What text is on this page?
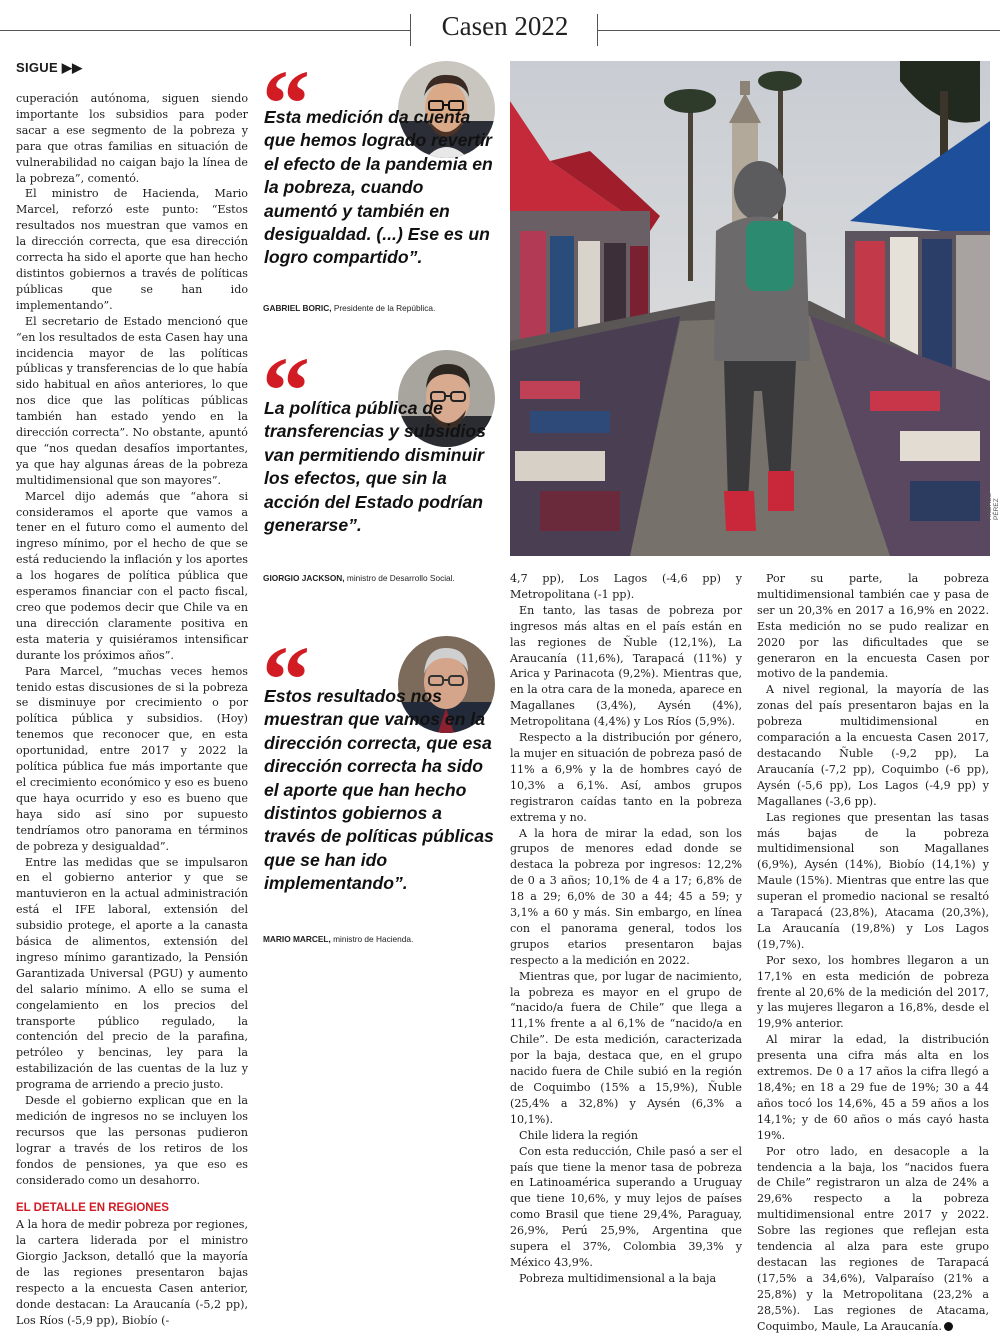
Casen 2022
SIGUE ▶▶

cuperación autónoma, siguen siendo importante los subsidios para poder sacar a ese segmento de la pobreza y para que otras familias en situación de vulnerabilidad no caigan bajo la línea de la pobreza”, comentó.

El ministro de Hacienda, Mario Marcel, reforzó este punto: “Estos resultados nos muestran que vamos en la dirección correcta, que esa dirección correcta ha sido el aporte que han hecho distintos gobiernos a través de políticas públicas que se han ido implementando”.

El secretario de Estado mencionó que “en los resultados de esta Casen hay una incidencia mayor de las políticas públicas y transferencias de lo que había sido habitual en años anteriores, lo que nos dice que las políticas públicas también han estado yendo en la dirección correcta”. No obstante, apuntó que “nos quedan desafíos importantes, ya que hay algunas áreas de la pobreza multidimensional que son mayores”.

Marcel dijo además que “ahora si consideramos el aporte que vamos a tener en el futuro como el aumento del ingreso mínimo, por el hecho de que se está reduciendo la inflación y los aportes a los hogares de política pública que esperamos financiar con el pacto fiscal, creo que podemos decir que Chile va en una dirección claramente positiva en esta materia y quisiéramos intensificar durante los próximos años”.

Para Marcel, “muchas veces hemos tenido estas discusiones de si la pobreza se disminuye por crecimiento o por política pública y subsidios. (Hoy) tenemos que reconocer que, en esta oportunidad, entre 2017 y 2022 la política pública fue más importante que el crecimiento económico y eso es bueno que haya ocurrido y eso es bueno que haya sido así sino por supuesto tendríamos otro panorama en términos de pobreza y desigualdad”.

Entre las medidas que se impulsaron en el gobierno anterior y que se mantuvieron en la actual administración está el IFE laboral, extensión del subsidio protege, el aporte a la canasta básica de alimentos, extensión del ingreso mínimo garantizado, la Pensión Garantizada Universal (PGU) y aumento del salario mínimo. A ello se suma el congelamiento en los precios del transporte público regulado, la contención del precio de la parafina, petróleo y bencinas, ley para la estabilización de las cuentas de la luz y programa de arriendo a precio justo.

Desde el gobierno explican que en la medición de ingresos no se incluyen los recursos que las personas pudieron lograr a través de los retiros de los fondos de pensiones, ya que eso es considerado como un desahorro.

EL DETALLE EN REGIONES

A la hora de medir pobreza por regiones, la cartera liderada por el ministro Giorgio Jackson, detalló que la mayoría de las regiones presentaron bajas respecto a la encuesta Casen anterior, donde destacan: La Araucanía (-5,2 pp), Los Ríos (-5,9 pp), Biobío (-

“
Esta medición da cuenta que hemos logrado revertir el efecto de la pandemia en la pobreza, cuando aumentó y también en desigualdad. (...) Ese es un logro compartido”.
GABRIEL BORIC, Presidente de la República.
“
La política pública de transferencias y subsidios van permitiendo disminuir los efectos, que sin la acción del Estado podrían generarse”.
GIORGIO JACKSON, ministro de Desarrollo Social.
“
Estos resultados nos muestran que vamos en la dirección correcta, que esa dirección correcta ha sido el aporte que han hecho distintos gobiernos a través de políticas públicas que se han ido implementando”.
MARIO MARCEL, ministro de Hacienda.
ANDRES PÉREZ

4,7 pp), Los Lagos (-4,6 pp) y Metropolitana (-1 pp).

En tanto, las tasas de pobreza por ingresos más altas en el país están en las regiones de Ñuble (12,1%), La Araucanía (11,6%), Tarapacá (11%) y Arica y Parinacota (9,2%). Mientras que, en la otra cara de la moneda, aparece en Magallanes (3,4%), Aysén (4%), Metropolitana (4,4%) y Los Ríos (5,9%).

Respecto a la distribución por género, la mujer en situación de pobreza pasó de 11% a 6,9% y la de hombres cayó de 10,3% a 6,1%. Así, ambos grupos registraron caídas tanto en la pobreza extrema y no.

A la hora de mirar la edad, son los grupos de menores edad donde se destaca la pobreza por ingresos: 12,2% de 0 a 3 años; 10,1% de 4 a 17; 6,8% de 18 a 29; 6,0% de 30 a 44; 45 a 59; y 3,1% a 60 y más. Sin embargo, en línea con el panorama general, todos los grupos etarios presentaron bajas respecto a la medición en 2022.

Mientras que, por lugar de nacimiento, la pobreza es mayor en el grupo de “nacido/a fuera de Chile” que llega a 11,1% frente a al 6,1% de “nacido/a en Chile”. De esta medición, caracterizada por la baja, destaca que, en el grupo nacido fuera de Chile subió en la región de Coquimbo (15% a 15,9%), Ñuble (25,4% a 32,8%) y Aysén (6,3% a 10,1%).

Chile lidera la región

Con esta reducción, Chile pasó a ser el país que tiene la menor tasa de pobreza en Latinoamérica superando a Uruguay que tiene 10,6%, y muy lejos de países como Brasil que tiene 29,4%, Paraguay, 26,9%, Perú 25,9%, Argentina que supera el 37%, Colombia 39,3% y México 43,9%.

Pobreza multidimensional a la baja

Por su parte, la pobreza multidimensional también cae y pasa de ser un 20,3% en 2017 a 16,9% en 2022. Esta medición no se pudo realizar en 2020 por las dificultades que se generaron en la encuesta Casen por motivo de la pandemia.

A nivel regional, la mayoría de las zonas del país presentaron bajas en la pobreza multidimensional en comparación a la encuesta Casen 2017, destacando Ñuble (-9,2 pp), La Araucanía (-7,2 pp), Coquimbo (-6 pp), Aysén (-5,6 pp), Los Lagos (-4,9 pp) y Magallanes (-3,6 pp).

Las regiones que presentan las tasas más bajas de la pobreza multidimensional son Magallanes (6,9%), Aysén (14%), Biobío (14,1%) y Maule (15%). Mientras que entre las que superan el promedio nacional se resaltó a Tarapacá (23,8%), Atacama (20,3%), La Araucanía (19,8%) y Los Lagos (19,7%).

Por sexo, los hombres llegaron a un 17,1% en esta medición de pobreza frente al 20,6% de la medición del 2017, y las mujeres llegaron a 16,8%, desde el 19,9% anterior.

Al mirar la edad, la distribución presenta una cifra más alta en los extremos. De 0 a 17 años la cifra llegó a 18,4%; en 18 a 29 fue de 19%; 30 a 44 años tocó los 14,6%, 45 a 59 años a los 14,1%; y de 60 años o más cayó hasta 19%.

Por otro lado, en desacople a la tendencia a la baja, los “nacidos fuera de Chile” registraron un alza de 24% a 29,6% respecto a la pobreza multidimensional entre 2017 y 2022. Sobre las regiones que reflejan esta tendencia al alza para este grupo destacan las regiones de Tarapacá (17,5% a 34,6%), Valparaíso (21% a 25,8%) y la Metropolitana (23,2% a 28,5%). Las regiones de Atacama, Coquimbo, Maule, La Araucanía.
